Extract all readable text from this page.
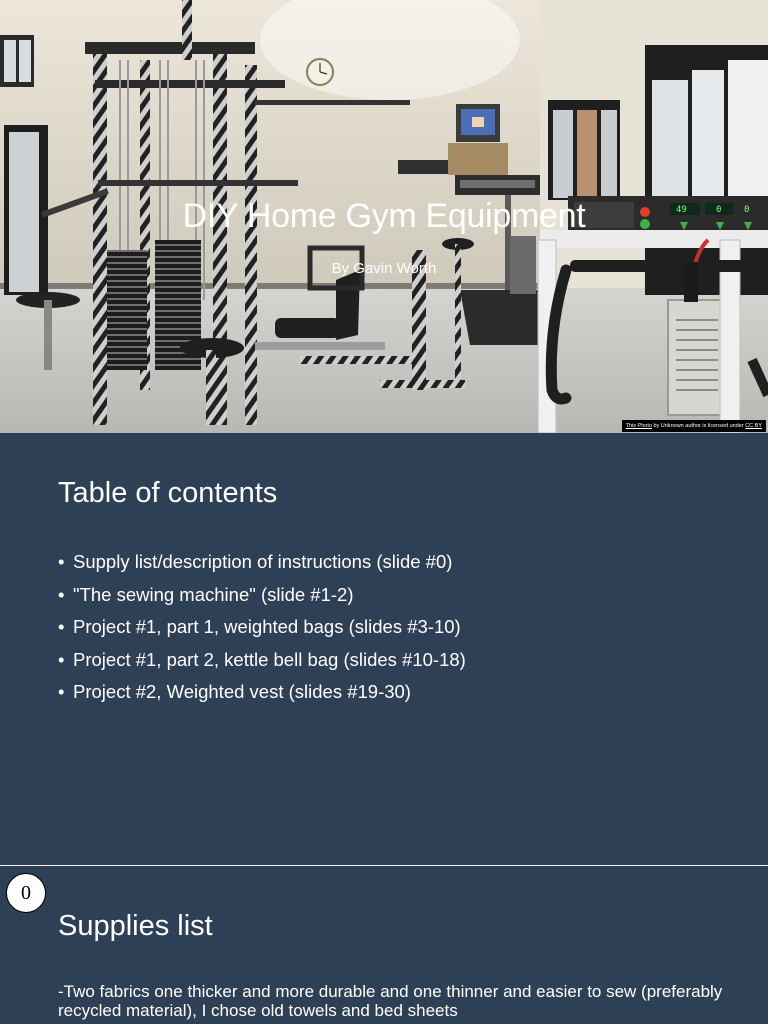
49	0	0
DIY Home Gym Equipment
By Gavin Worth
This Photo by Unknown author is licensed under CC BY
Table of contents
• Supply list/description of instructions (slide #0)
• "The sewing machine" (slide #1-2)
• Project #1, part 1, weighted bags (slides #3-10)
• Project #1, part 2, kettle bell bag (slides #10-18)
• Project #2, Weighted vest (slides #19-30)
0
Supplies list
-Two fabrics one thicker and more durable and one thinner and easier to sew (preferably recycled material), I chose old towels and bed sheets
